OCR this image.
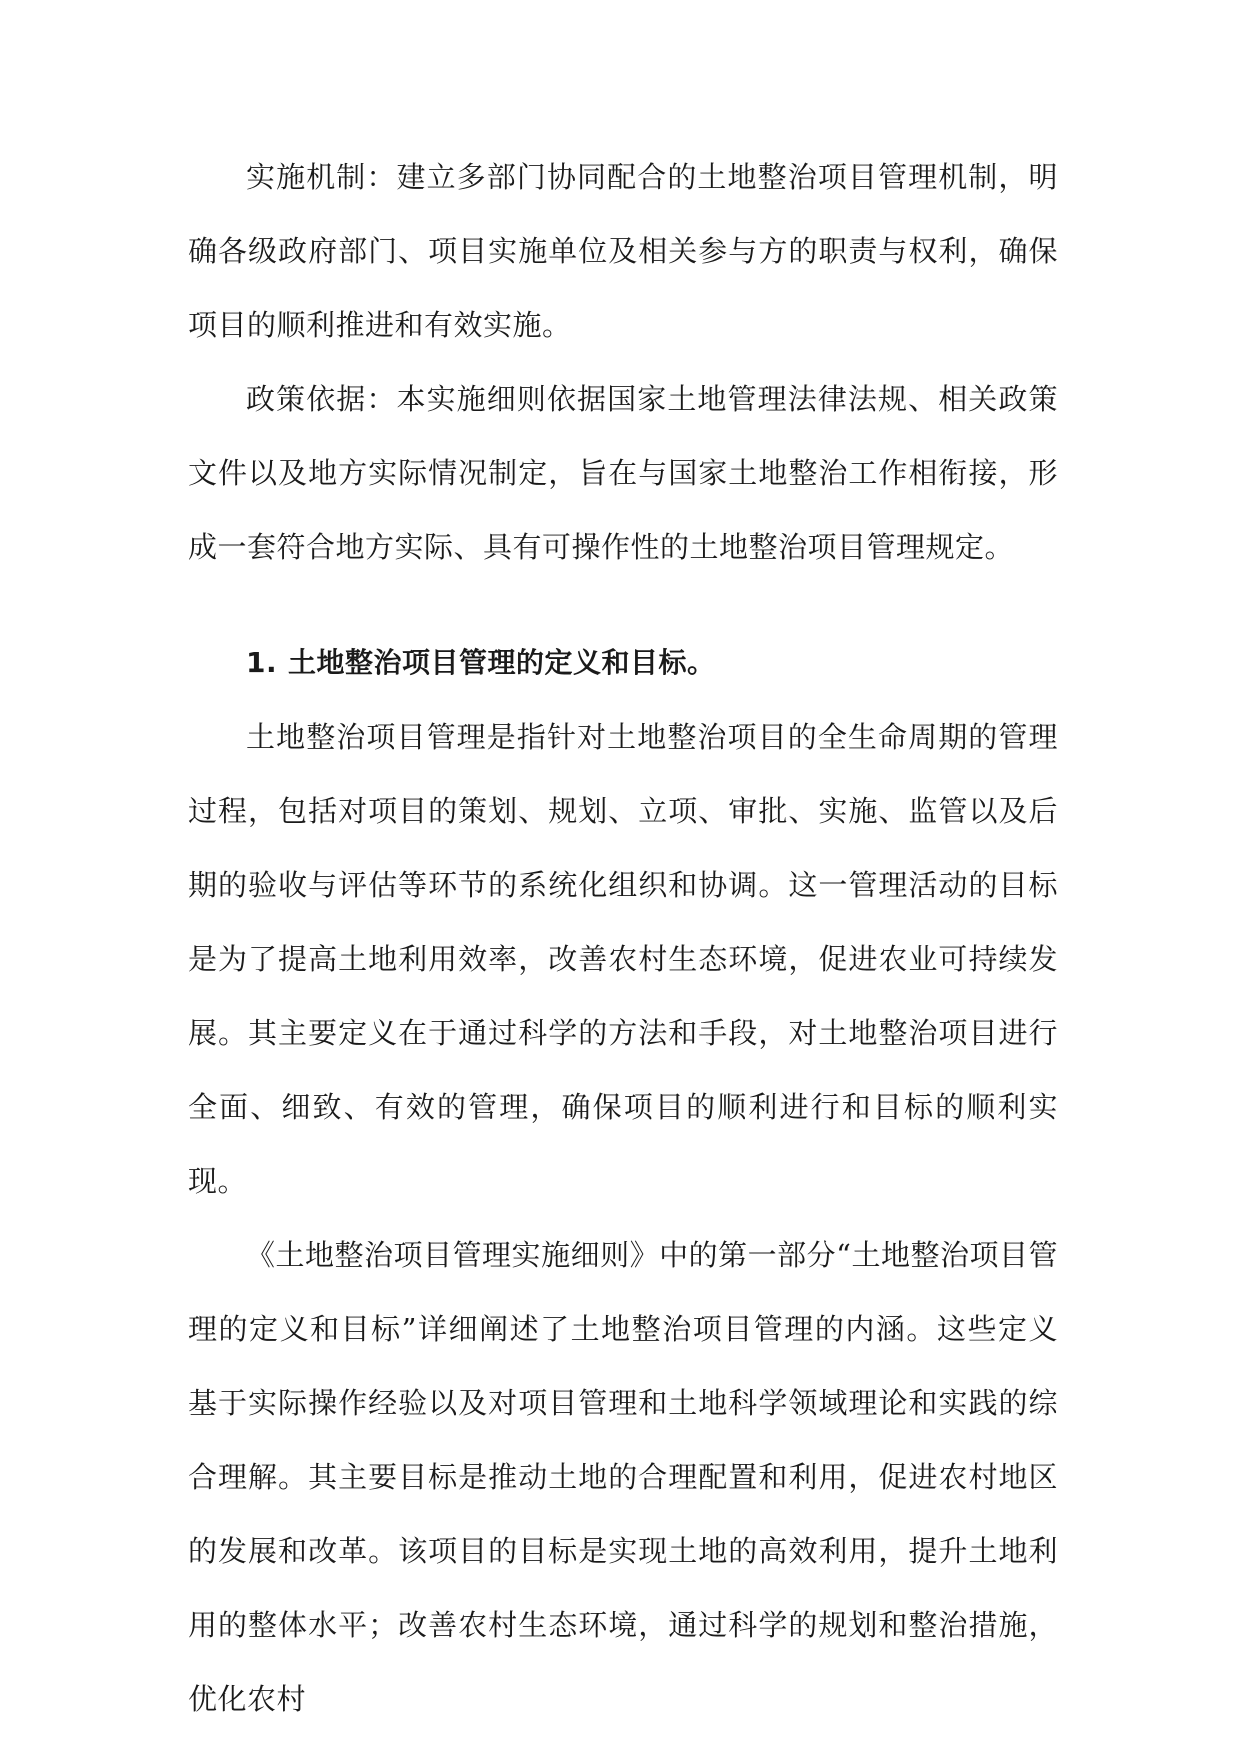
实施机制：建立多部门协同配合的土地整治项目管理机制，明确各级政府部门、项目实施单位及相关参与方的职责与权利，确保项目的顺利推进和有效实施。

政策依据：本实施细则依据国家土地管理法律法规、相关政策文件以及地方实际情况制定，旨在与国家土地整治工作相衔接，形成一套符合地方实际、具有可操作性的土地整治项目管理规定。

1. 土地整治项目管理的定义和目标。

土地整治项目管理是指针对土地整治项目的全生命周期的管理过程，包括对项目的策划、规划、立项、审批、实施、监管以及后期的验收与评估等环节的系统化组织和协调。这一管理活动的目标是为了提高土地利用效率，改善农村生态环境，促进农业可持续发展。其主要定义在于通过科学的方法和手段，对土地整治项目进行全面、细致、有效的管理，确保项目的顺利进行和目标的顺利实现。

《土地整治项目管理实施细则》中的第一部分“土地整治项目管理的定义和目标”详细阐述了土地整治项目管理的内涵。这些定义基于实际操作经验以及对项目管理和土地科学领域理论和实践的综合理解。其主要目标是推动土地的合理配置和利用，促进农村地区的发展和改革。该项目的目标是实现土地的高效利用，提升土地利用的整体水平；改善农村生态环境，通过科学的规划和整治措施，优化农村
